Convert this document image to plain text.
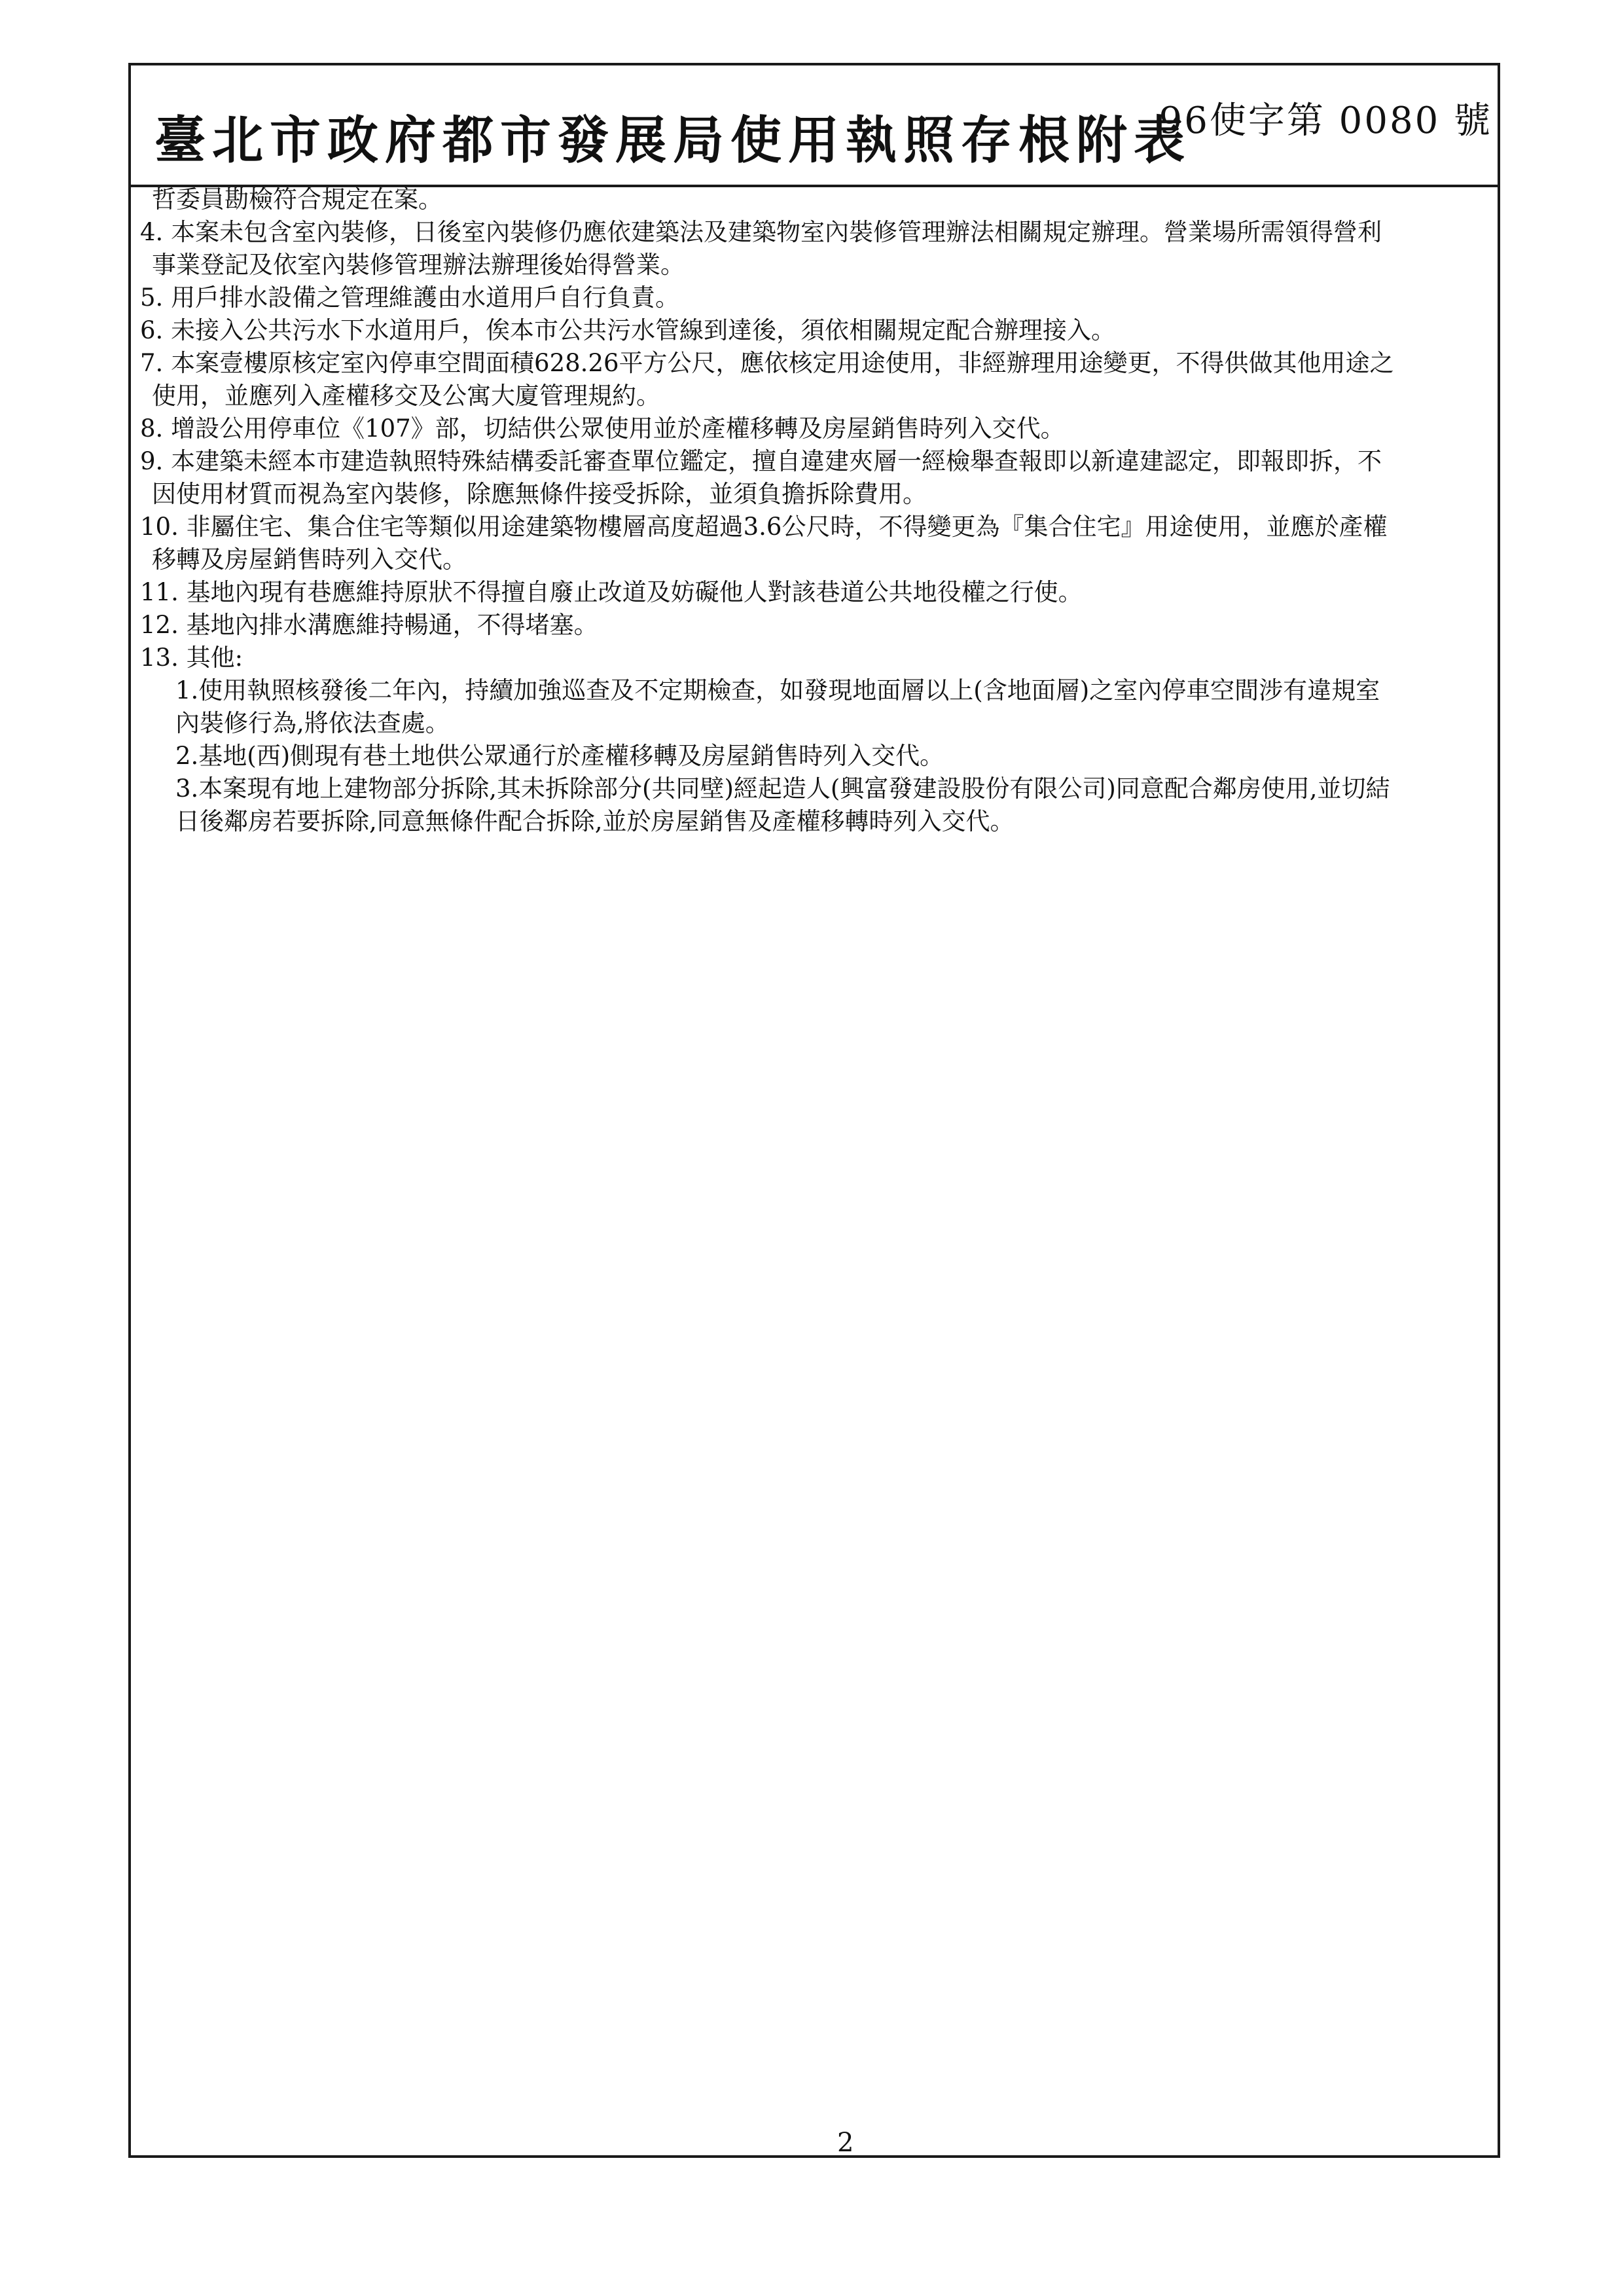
臺北市政府都市發展局使用執照存根附表
96使字第 0080 號

哲委員勘檢符合規定在案。

4. 本案未包含室內裝修，日後室內裝修仍應依建築法及建築物室內裝修管理辦法相關規定辦理。營業場所需領得營利

事業登記及依室內裝修管理辦法辦理後始得營業。

5. 用戶排水設備之管理維護由水道用戶自行負責。

6. 未接入公共污水下水道用戶，俟本市公共污水管線到達後，須依相關規定配合辦理接入。

7. 本案壹樓原核定室內停車空間面積628.26平方公尺，應依核定用途使用，非經辦理用途變更，不得供做其他用途之

使用，並應列入產權移交及公寓大廈管理規約。

8. 增設公用停車位《107》部，切結供公眾使用並於產權移轉及房屋銷售時列入交代。

9. 本建築未經本市建造執照特殊結構委託審查單位鑑定，擅自違建夾層一經檢舉查報即以新違建認定，即報即拆，不

因使用材質而視為室內裝修，除應無條件接受拆除，並須負擔拆除費用。

10. 非屬住宅、集合住宅等類似用途建築物樓層高度超過3.6公尺時，不得變更為『集合住宅』用途使用，並應於產權

移轉及房屋銷售時列入交代。

11. 基地內現有巷應維持原狀不得擅自廢止改道及妨礙他人對該巷道公共地役權之行使。

12. 基地內排水溝應維持暢通，不得堵塞。

13. 其他:

1.使用執照核發後二年內，持續加強巡查及不定期檢查，如發現地面層以上(含地面層)之室內停車空間涉有違規室

內裝修行為,將依法查處。

2.基地(西)側現有巷土地供公眾通行於產權移轉及房屋銷售時列入交代。

3.本案現有地上建物部分拆除,其未拆除部分(共同壁)經起造人(興富發建設股份有限公司)同意配合鄰房使用,並切結

日後鄰房若要拆除,同意無條件配合拆除,並於房屋銷售及產權移轉時列入交代。

2
